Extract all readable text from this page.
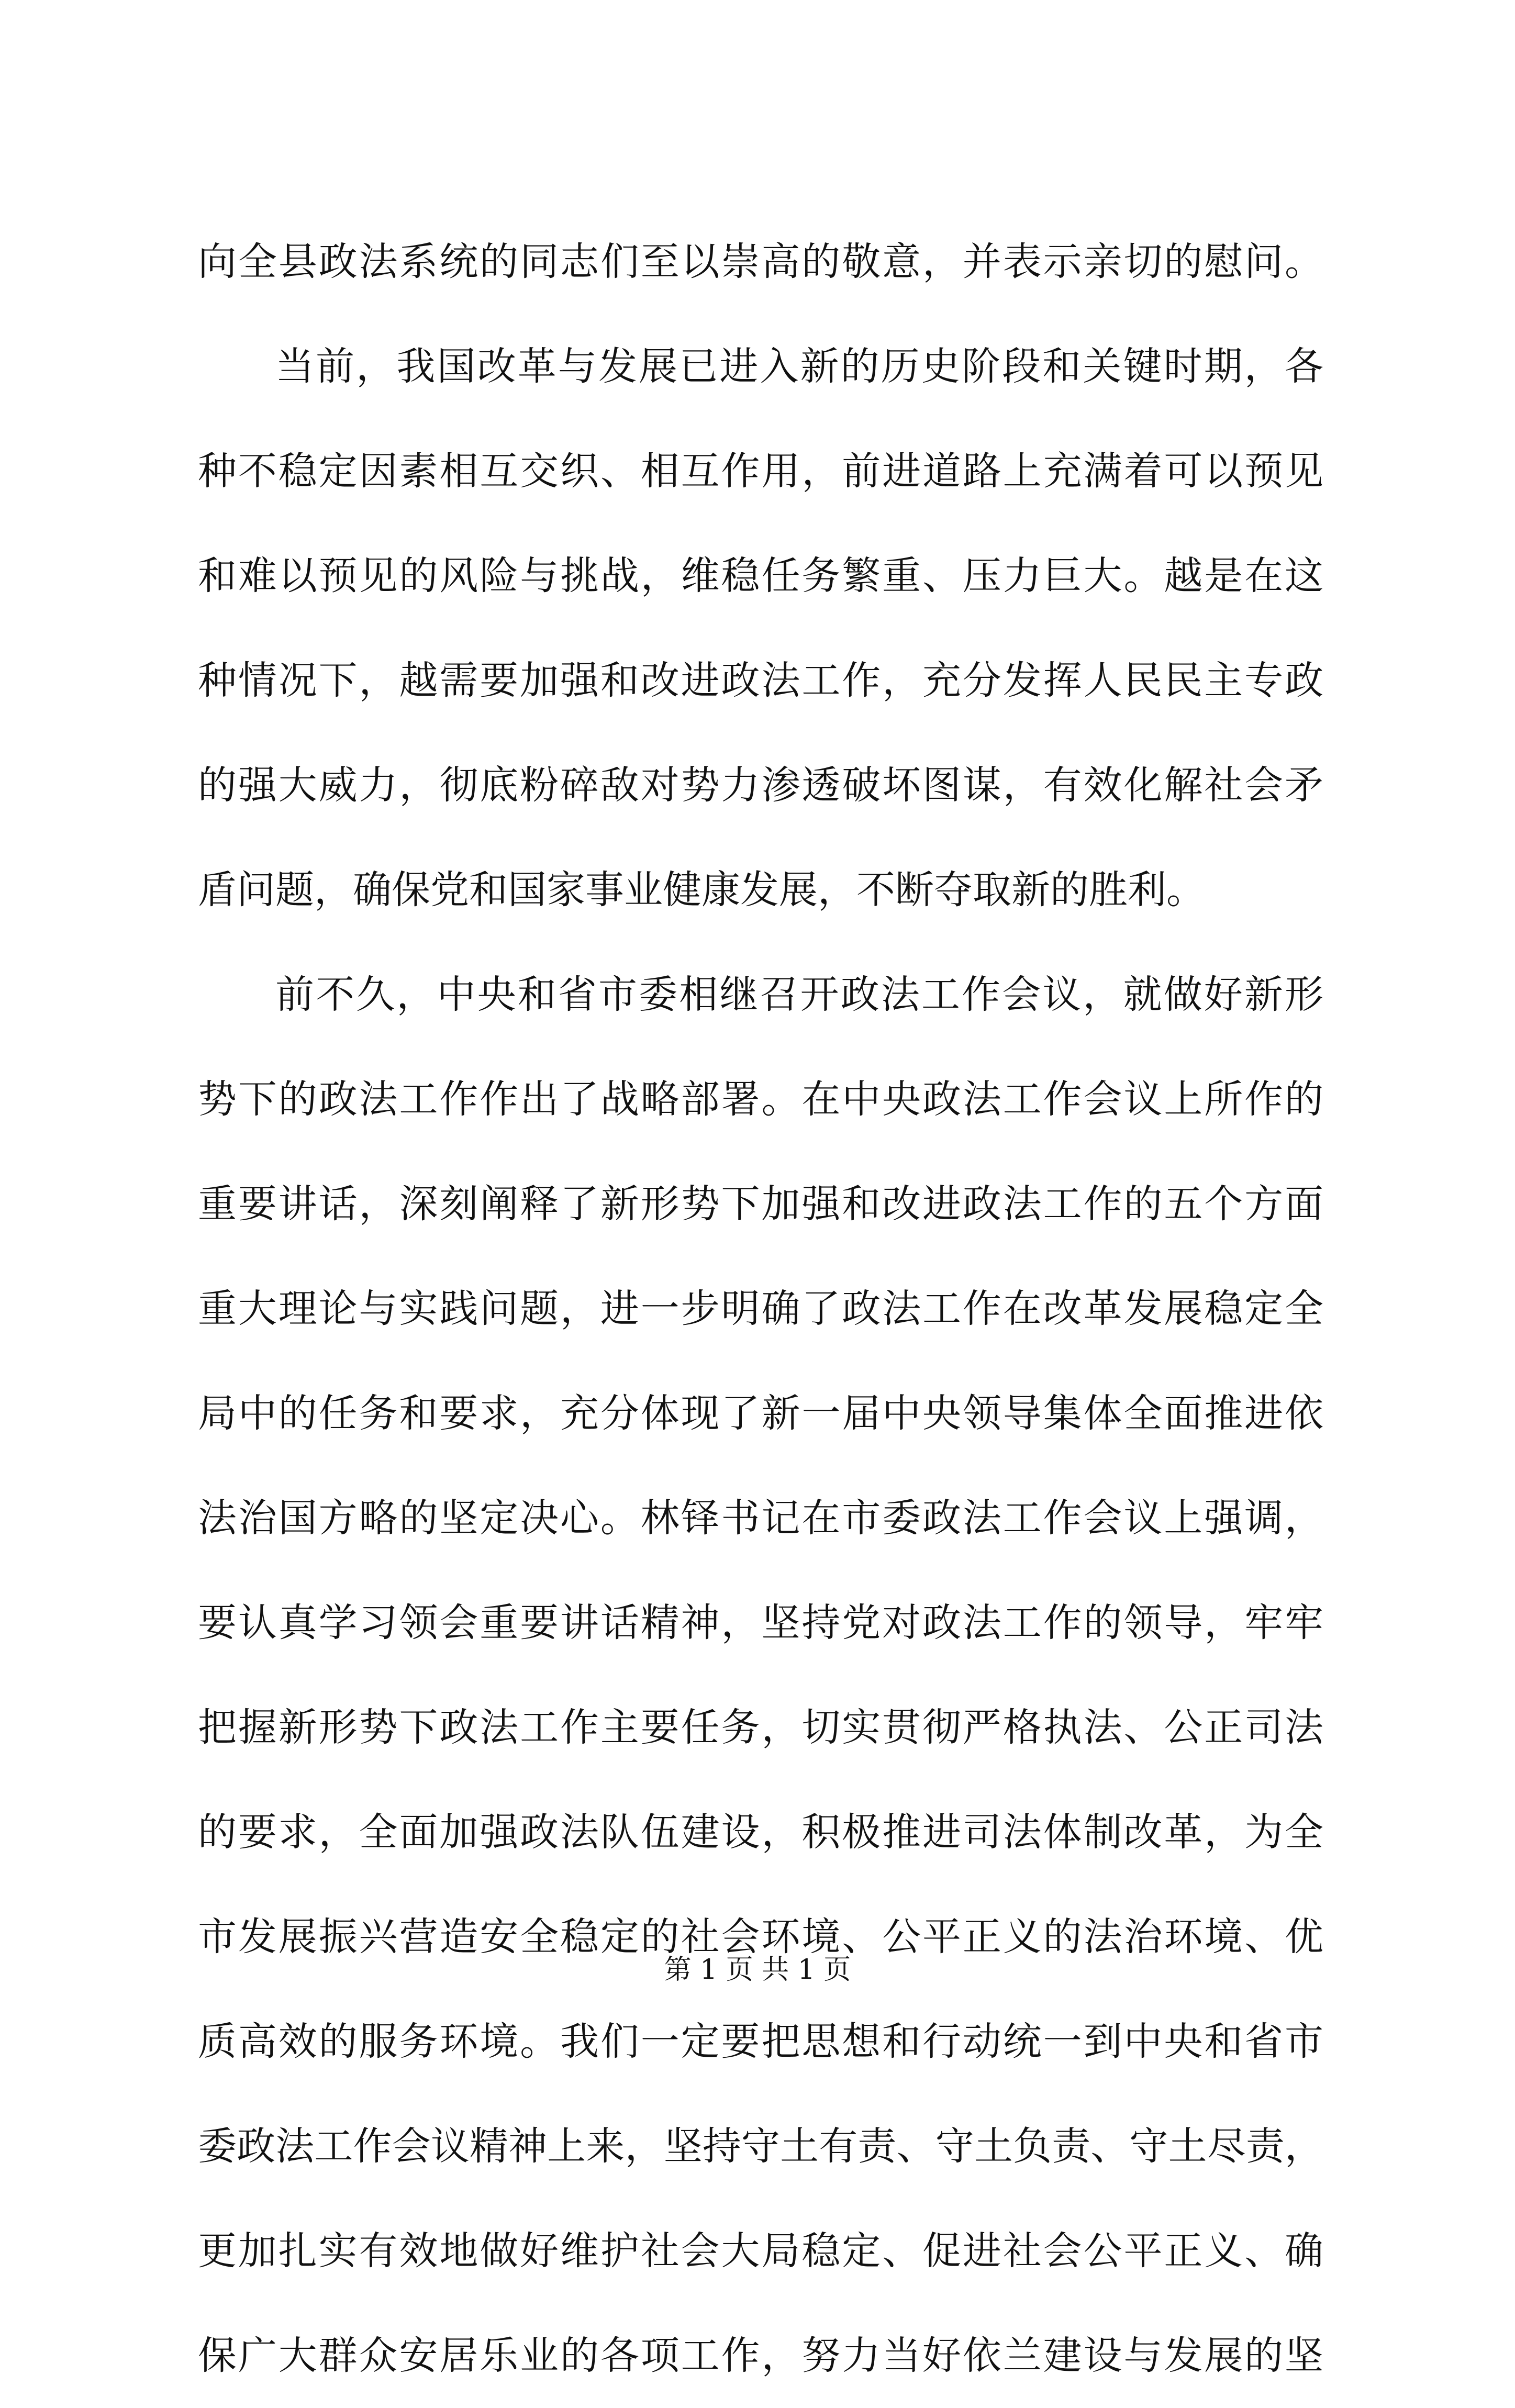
向全县政法系统的同志们至以崇高的敬意，并表示亲切的慰问。
当前，我国改革与发展已进入新的历史阶段和关键时期，各
种不稳定因素相互交织、相互作用，前进道路上充满着可以预见
和难以预见的风险与挑战，维稳任务繁重、压力巨大。越是在这
种情况下，越需要加强和改进政法工作，充分发挥人民民主专政
的强大威力，彻底粉碎敌对势力渗透破坏图谋，有效化解社会矛
盾问题，确保党和国家事业健康发展，不断夺取新的胜利。
前不久，中央和省市委相继召开政法工作会议，就做好新形
势下的政法工作作出了战略部署。在中央政法工作会议上所作的
重要讲话，深刻阐释了新形势下加强和改进政法工作的五个方面
重大理论与实践问题，进一步明确了政法工作在改革发展稳定全
局中的任务和要求，充分体现了新一届中央领导集体全面推进依
法治国方略的坚定决心。林铎书记在市委政法工作会议上强调，
要认真学习领会重要讲话精神，坚持党对政法工作的领导，牢牢
把握新形势下政法工作主要任务，切实贯彻严格执法、公正司法
的要求，全面加强政法队伍建设，积极推进司法体制改革，为全
市发展振兴营造安全稳定的社会环境、公平正义的法治环境、优
质高效的服务环境。我们一定要把思想和行动统一到中央和省市
委政法工作会议精神上来，坚持守土有责、守土负责、守土尽责，
更加扎实有效地做好维护社会大局稳定、促进社会公平正义、确
保广大群众安居乐业的各项工作，努力当好依兰建设与发展的坚
第 1 页 共 1 页
